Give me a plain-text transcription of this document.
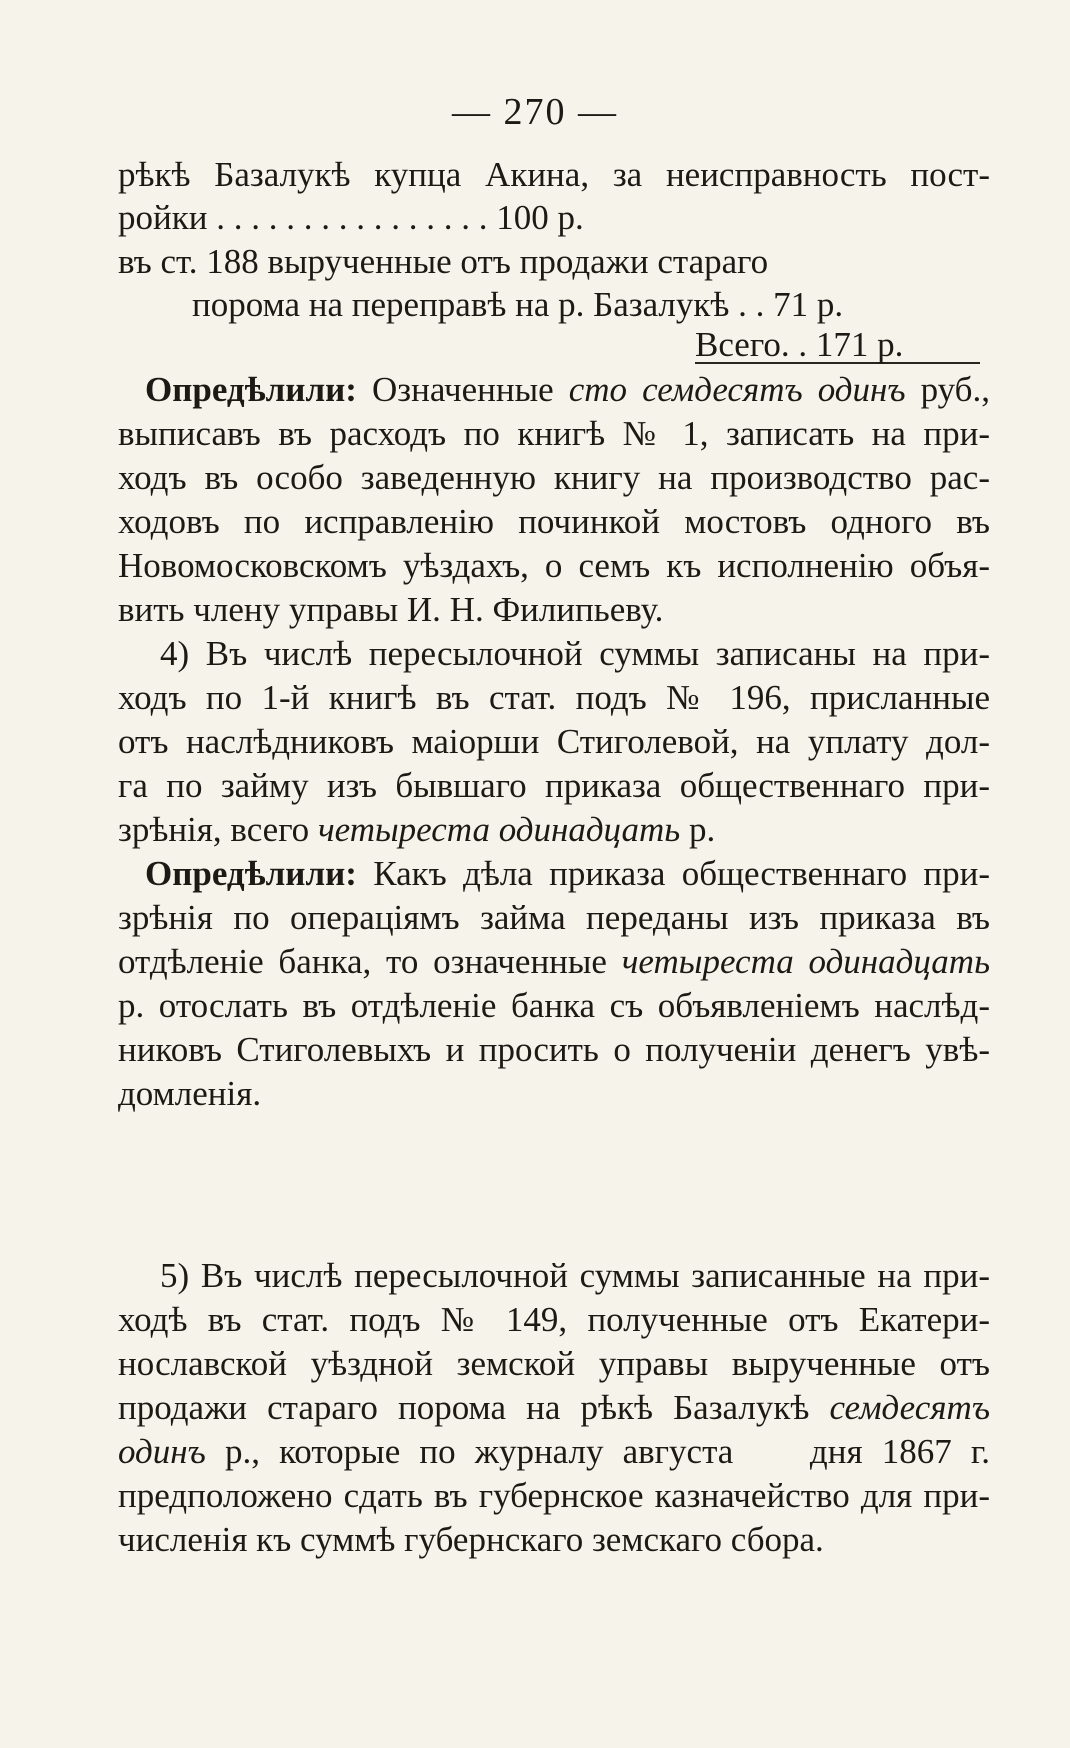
— 270 —
рѣкѣ Базалукѣ купца Акина, за неисправность пост-
ройки . . . . . . . . . . . . . . . . 100 р.
въ ст. 188 вырученные отъ продажи стараго
порома на переправѣ на р. Базалукѣ . . 71 р.
Всего. . 171 р.
Опредѣлили: Означенные сто семдесятъ одинъ руб.,
выписавъ въ расходъ по книгѣ № 1, записать на при-
ходъ въ особо заведенную книгу на производство рас-
ходовъ по исправленію починкой мостовъ одного въ
Новомосковскомъ уѣздахъ, о семъ къ исполненію объя-
вить члену управы И. Н. Филипьеву.
4) Въ числѣ пересылочной суммы записаны на при-
ходъ по 1-й книгѣ въ стат. подъ № 196, присланные
отъ наслѣдниковъ маіорши Стиголевой, на уплату дол-
га по займу изъ бывшаго приказа общественнаго при-
зрѣнія, всего четыреста одинадцать р.
Опредѣлили: Какъ дѣла приказа общественнаго при-
зрѣнія по операціямъ займа переданы изъ приказа въ
отдѣленіе банка, то означенные четыреста одинадцать
р. отослать въ отдѣленіе банка съ объявленіемъ наслѣд-
никовъ Стиголевыхъ и просить о полученіи денегъ увѣ-
домленія.
5) Въ числѣ пересылочной суммы записанные на при-
ходѣ въ стат. подъ № 149, полученные отъ Екатери-
нославской уѣздной земской управы вырученные отъ
продажи стараго порома на рѣкѣ Базалукѣ семдесятъ
одинъ р., которые по журналу августа    дня 1867 г.
предположено сдать въ губернское казначейство для при-
численія къ суммѣ губернскаго земскаго сбора.
